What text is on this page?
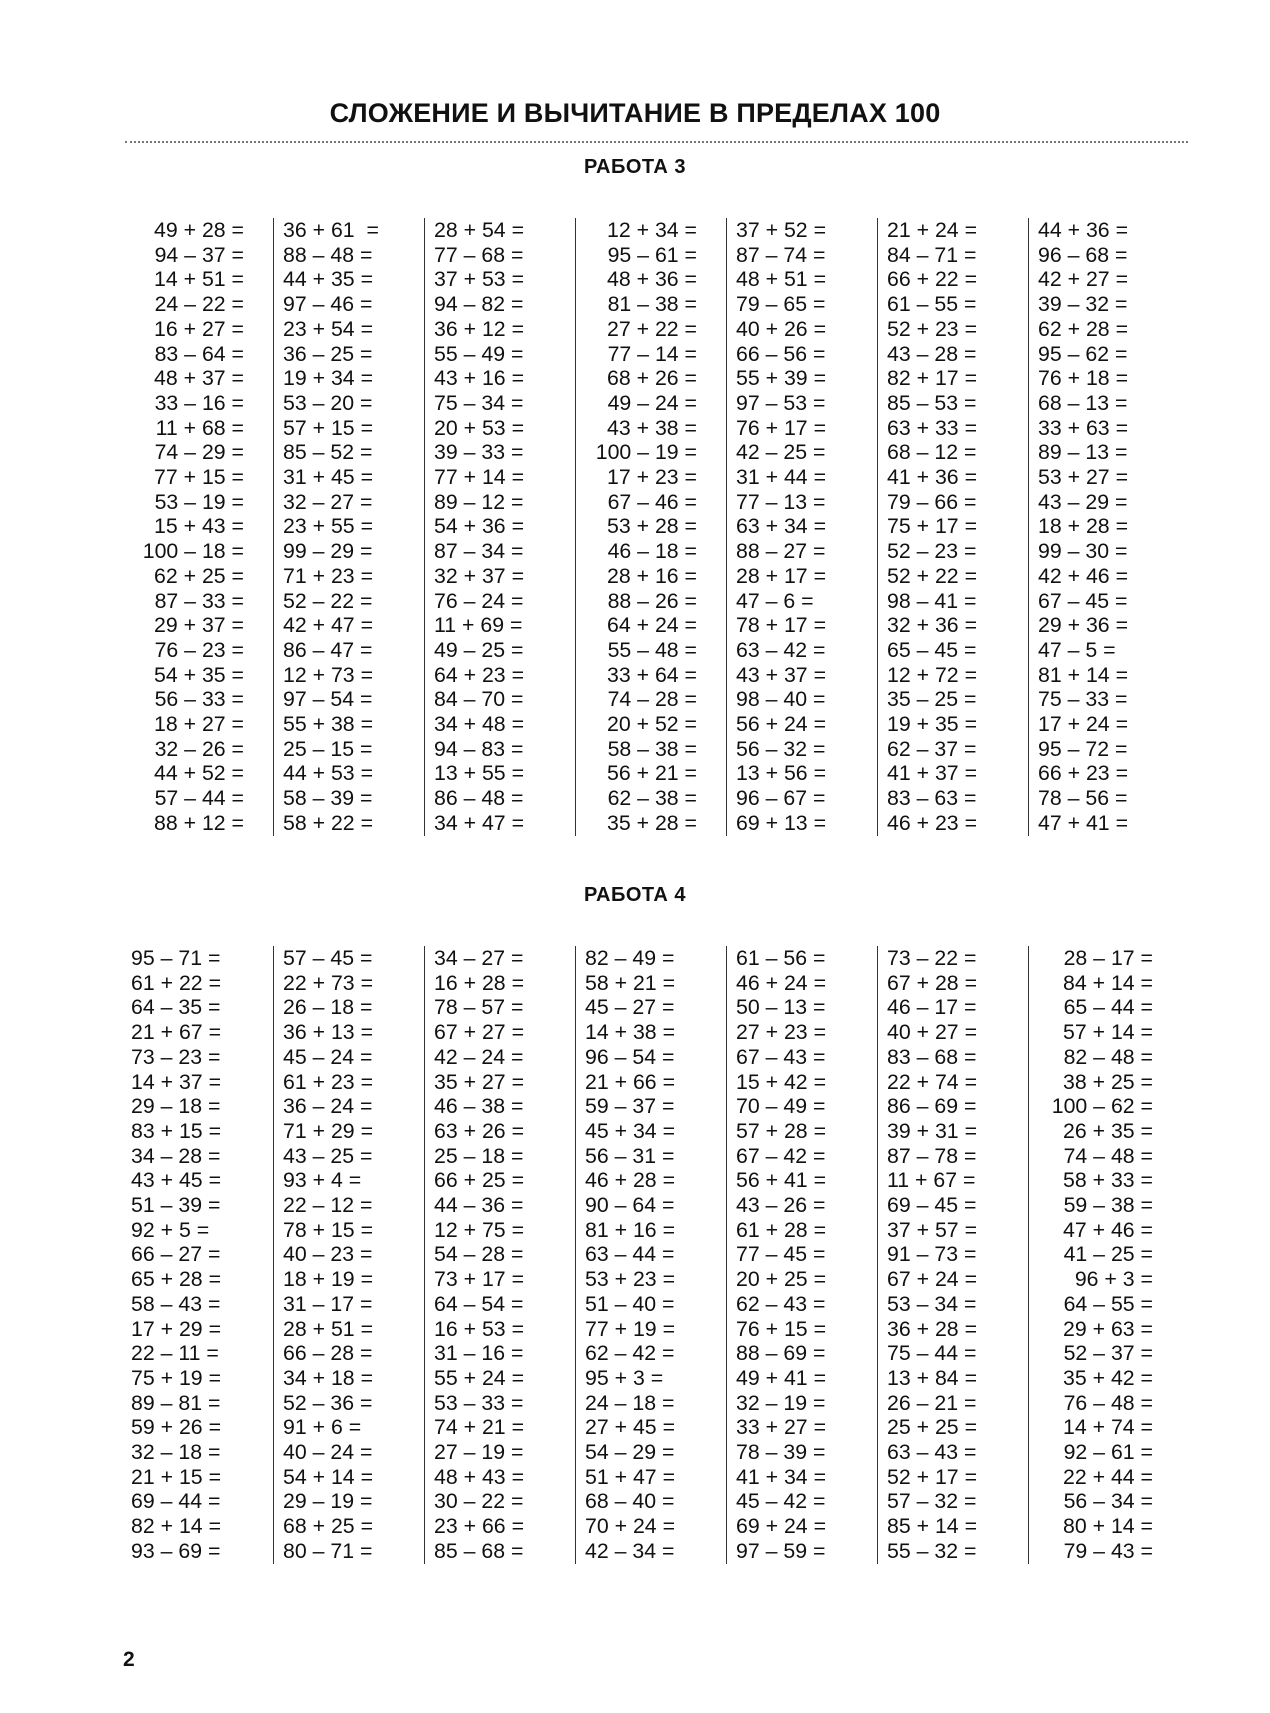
СЛОЖЕНИЕ И ВЫЧИТАНИЕ В ПРЕДЕЛАХ 100
РАБОТА 3
49 + 28 =
94 – 37 =
14 + 51 =
24 – 22 =
16 + 27 =
83 – 64 =
48 + 37 =
33 – 16 =
11 + 68 =
74 – 29 =
77 + 15 =
53 – 19 =
15 + 43 =
100 – 18 =
62 + 25 =
87 – 33 =
29 + 37 =
76 – 23 =
54 + 35 =
56 – 33 =
18 + 27 =
32 – 26 =
44 + 52 =
57 – 44 =
88 + 12 =
36 + 61  =
88 – 48 =
44 + 35 =
97 – 46 =
23 + 54 =
36 – 25 =
19 + 34 =
53 – 20 =
57 + 15 =
85 – 52 =
31 + 45 =
32 – 27 =
23 + 55 =
99 – 29 =
71 + 23 =
52 – 22 =
42 + 47 =
86 – 47 =
12 + 73 =
97 – 54 =
55 + 38 =
25 – 15 =
44 + 53 =
58 – 39 =
58 + 22 =
28 + 54 =
77 – 68 =
37 + 53 =
94 – 82 =
36 + 12 =
55 – 49 =
43 + 16 =
75 – 34 =
20 + 53 =
39 – 33 =
77 + 14 =
89 – 12 =
54 + 36 =
87 – 34 =
32 + 37 =
76 – 24 =
11 + 69 =
49 – 25 =
64 + 23 =
84 – 70 =
34 + 48 =
94 – 83 =
13 + 55 =
86 – 48 =
34 + 47 =
12 + 34 =
95 – 61 =
48 + 36 =
81 – 38 =
27 + 22 =
77 – 14 =
68 + 26 =
49 – 24 =
43 + 38 =
100 – 19 =
17 + 23 =
67 – 46 =
53 + 28 =
46 – 18 =
28 + 16 =
88 – 26 =
64 + 24 =
55 – 48 =
33 + 64 =
74 – 28 =
20 + 52 =
58 – 38 =
56 + 21 =
62 – 38 =
35 + 28 =
37 + 52 =
87 – 74 =
48 + 51 =
79 – 65 =
40 + 26 =
66 – 56 =
55 + 39 =
97 – 53 =
76 + 17 =
42 – 25 =
31 + 44 =
77 – 13 =
63 + 34 =
88 – 27 =
28 + 17 =
47 – 6 =
78 + 17 =
63 – 42 =
43 + 37 =
98 – 40 =
56 + 24 =
56 – 32 =
13 + 56 =
96 – 67 =
69 + 13 =
21 + 24 =
84 – 71 =
66 + 22 =
61 – 55 =
52 + 23 =
43 – 28 =
82 + 17 =
85 – 53 =
63 + 33 =
68 – 12 =
41 + 36 =
79 – 66 =
75 + 17 =
52 – 23 =
52 + 22 =
98 – 41 =
32 + 36 =
65 – 45 =
12 + 72 =
35 – 25 =
19 + 35 =
62 – 37 =
41 + 37 =
83 – 63 =
46 + 23 =
44 + 36 =
96 – 68 =
42 + 27 =
39 – 32 =
62 + 28 =
95 – 62 =
76 + 18 =
68 – 13 =
33 + 63 =
89 – 13 =
53 + 27 =
43 – 29 =
18 + 28 =
99 – 30 =
42 + 46 =
67 – 45 =
29 + 36 =
47 – 5 =
81 + 14 =
75 – 33 =
17 + 24 =
95 – 72 =
66 + 23 =
78 – 56 =
47 + 41 =
РАБОТА 4
95 – 71 =
61 + 22 =
64 – 35 =
21 + 67 =
73 – 23 =
14 + 37 =
29 – 18 =
83 + 15 =
34 – 28 =
43 + 45 =
51 – 39 =
92 + 5 =
66 – 27 =
65 + 28 =
58 – 43 =
17 + 29 =
22 – 11 =
75 + 19 =
89 – 81 =
59 + 26 =
32 – 18 =
21 + 15 =
69 – 44 =
82 + 14 =
93 – 69 =
57 – 45 =
22 + 73 =
26 – 18 =
36 + 13 =
45 – 24 =
61 + 23 =
36 – 24 =
71 + 29 =
43 – 25 =
93 + 4 =
22 – 12 =
78 + 15 =
40 – 23 =
18 + 19 =
31 – 17 =
28 + 51 =
66 – 28 =
34 + 18 =
52 – 36 =
91 + 6 =
40 – 24 =
54 + 14 =
29 – 19 =
68 + 25 =
80 – 71 =
34 – 27 =
16 + 28 =
78 – 57 =
67 + 27 =
42 – 24 =
35 + 27 =
46 – 38 =
63 + 26 =
25 – 18 =
66 + 25 =
44 – 36 =
12 + 75 =
54 – 28 =
73 + 17 =
64 – 54 =
16 + 53 =
31 – 16 =
55 + 24 =
53 – 33 =
74 + 21 =
27 – 19 =
48 + 43 =
30 – 22 =
23 + 66 =
85 – 68 =
82 – 49 =
58 + 21 =
45 – 27 =
14 + 38 =
96 – 54 =
21 + 66 =
59 – 37 =
45 + 34 =
56 – 31 =
46 + 28 =
90 – 64 =
81 + 16 =
63 – 44 =
53 + 23 =
51 – 40 =
77 + 19 =
62 – 42 =
95 + 3 =
24 – 18 =
27 + 45 =
54 – 29 =
51 + 47 =
68 – 40 =
70 + 24 =
42 – 34 =
61 – 56 =
46 + 24 =
50 – 13 =
27 + 23 =
67 – 43 =
15 + 42 =
70 – 49 =
57 + 28 =
67 – 42 =
56 + 41 =
43 – 26 =
61 + 28 =
77 – 45 =
20 + 25 =
62 – 43 =
76 + 15 =
88 – 69 =
49 + 41 =
32 – 19 =
33 + 27 =
78 – 39 =
41 + 34 =
45 – 42 =
69 + 24 =
97 – 59 =
73 – 22 =
67 + 28 =
46 – 17 =
40 + 27 =
83 – 68 =
22 + 74 =
86 – 69 =
39 + 31 =
87 – 78 =
11 + 67 =
69 – 45 =
37 + 57 =
91 – 73 =
67 + 24 =
53 – 34 =
36 + 28 =
75 – 44 =
13 + 84 =
26 – 21 =
25 + 25 =
63 – 43 =
52 + 17 =
57 – 32 =
85 + 14 =
55 – 32 =
28 – 17 =
84 + 14 =
65 – 44 =
57 + 14 =
82 – 48 =
38 + 25 =
100 – 62 =
26 + 35 =
74 – 48 =
58 + 33 =
59 – 38 =
47 + 46 =
41 – 25 =
96 + 3 =
64 – 55 =
29 + 63 =
52 – 37 =
35 + 42 =
76 – 48 =
14 + 74 =
92 – 61 =
22 + 44 =
56 – 34 =
80 + 14 =
79 – 43 =
2
